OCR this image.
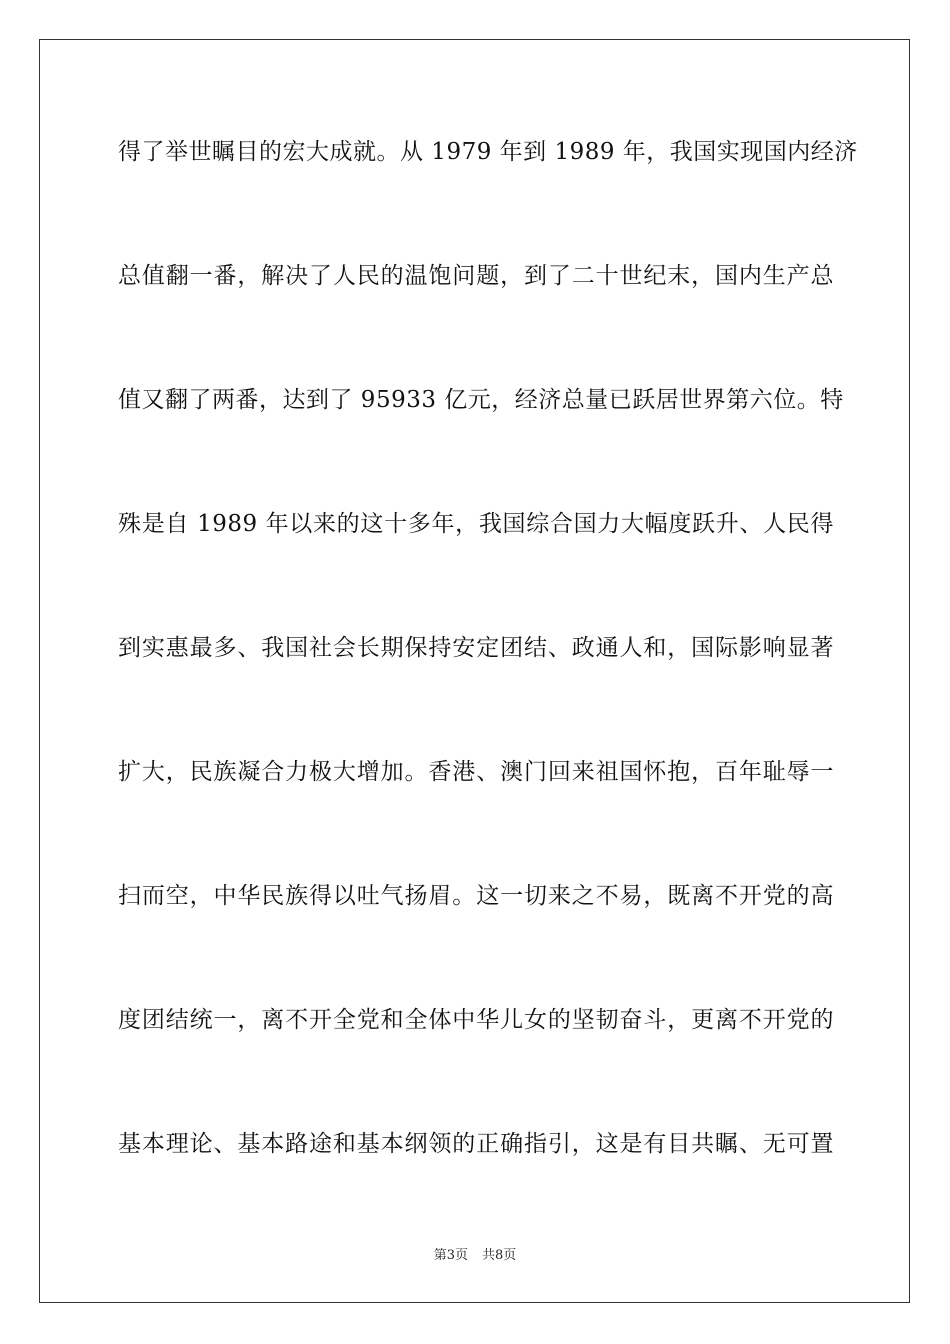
得了举世瞩目的宏大成就。从 1979 年到 1989 年，我国实现国内经济
总值翻一番，解决了人民的温饱问题，到了二十世纪末，国内生产总
值又翻了两番，达到了 95933 亿元，经济总量已跃居世界第六位。特
殊是自 1989 年以来的这十多年，我国综合国力大幅度跃升、人民得
到实惠最多、我国社会长期保持安定团结、政通人和，国际影响显著
扩大，民族凝合力极大增加。香港、澳门回来祖国怀抱，百年耻辱一
扫而空，中华民族得以吐气扬眉。这一切来之不易，既离不开党的高
度团结统一，离不开全党和全体中华儿女的坚韧奋斗，更离不开党的
基本理论、基本路途和基本纲领的正确指引，这是有目共瞩、无可置
第3页 共8页
